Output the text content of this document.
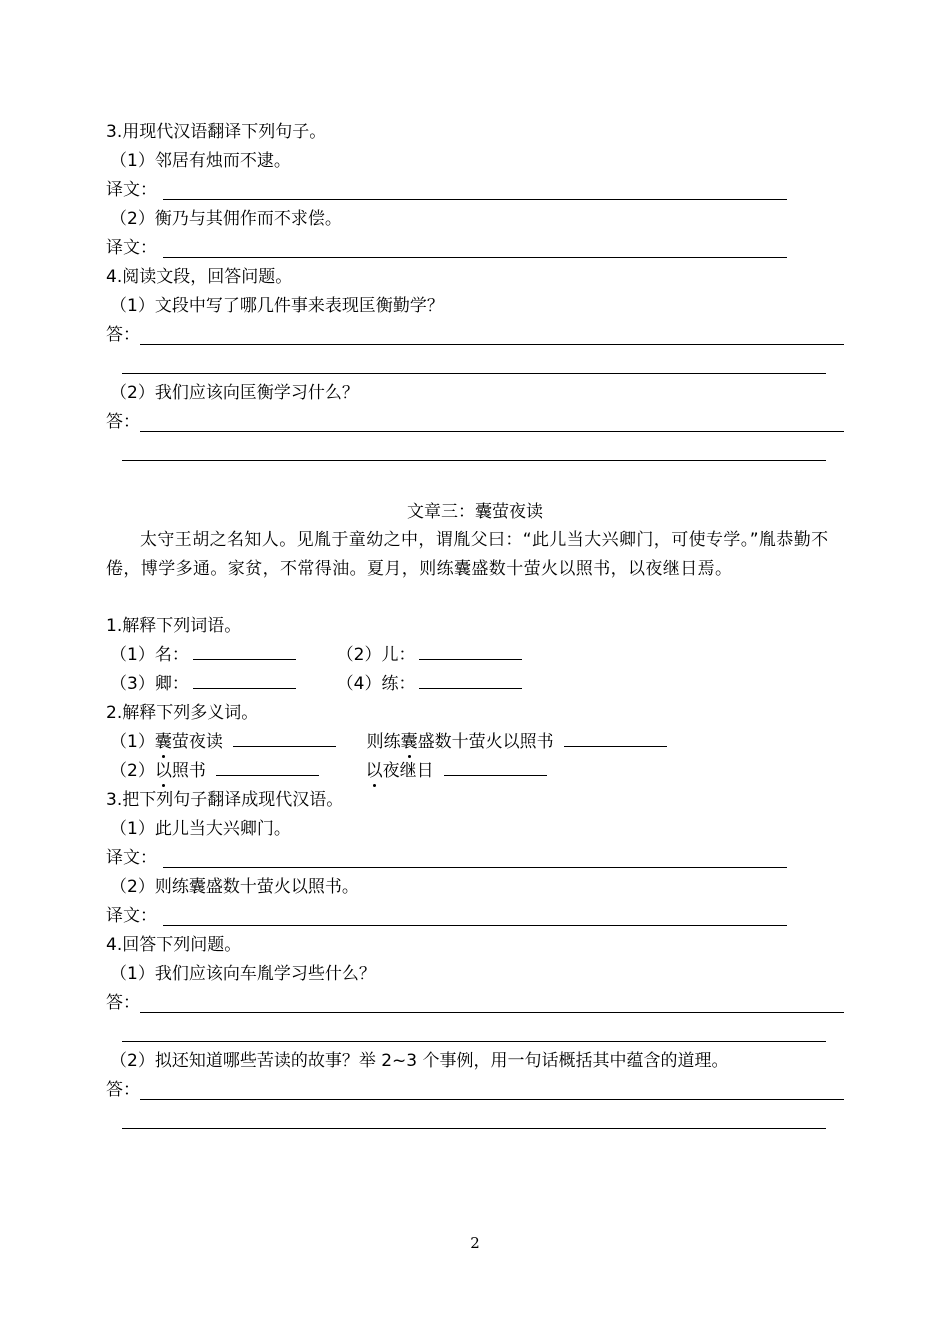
3.用现代汉语翻译下列句子。
（1）邻居有烛而不逮。
译文：
（2）衡乃与其佣作而不求偿。
译文：
4.阅读文段，回答问题。
（1）文段中写了哪几件事来表现匡衡勤学？
答：
（2）我们应该向匡衡学习什么？
答：
文章三：囊萤夜读

太守王胡之名知人。见胤于童幼之中，谓胤父曰：“此儿当大兴卿门，可使专学。”胤恭勤不倦，博学多通。家贫，不常得油。夏月，则练囊盛数十萤火以照书，以夜继日焉。

1.解释下列词语。
（1）名：	（2）儿：
（3）卿：	（4）练：
2.解释下列多义词。
（1）囊萤夜读	则练囊盛数十萤火以照书
（2）以照书	以夜继日
3.把下列句子翻译成现代汉语。
（1）此儿当大兴卿门。
译文：
（2）则练囊盛数十萤火以照书。
译文：
4.回答下列问题。
（1）我们应该向车胤学习些什么？
答：
（2）拟还知道哪些苦读的故事？举 2~3 个事例，用一句话概括其中蕴含的道理。
答：
2
